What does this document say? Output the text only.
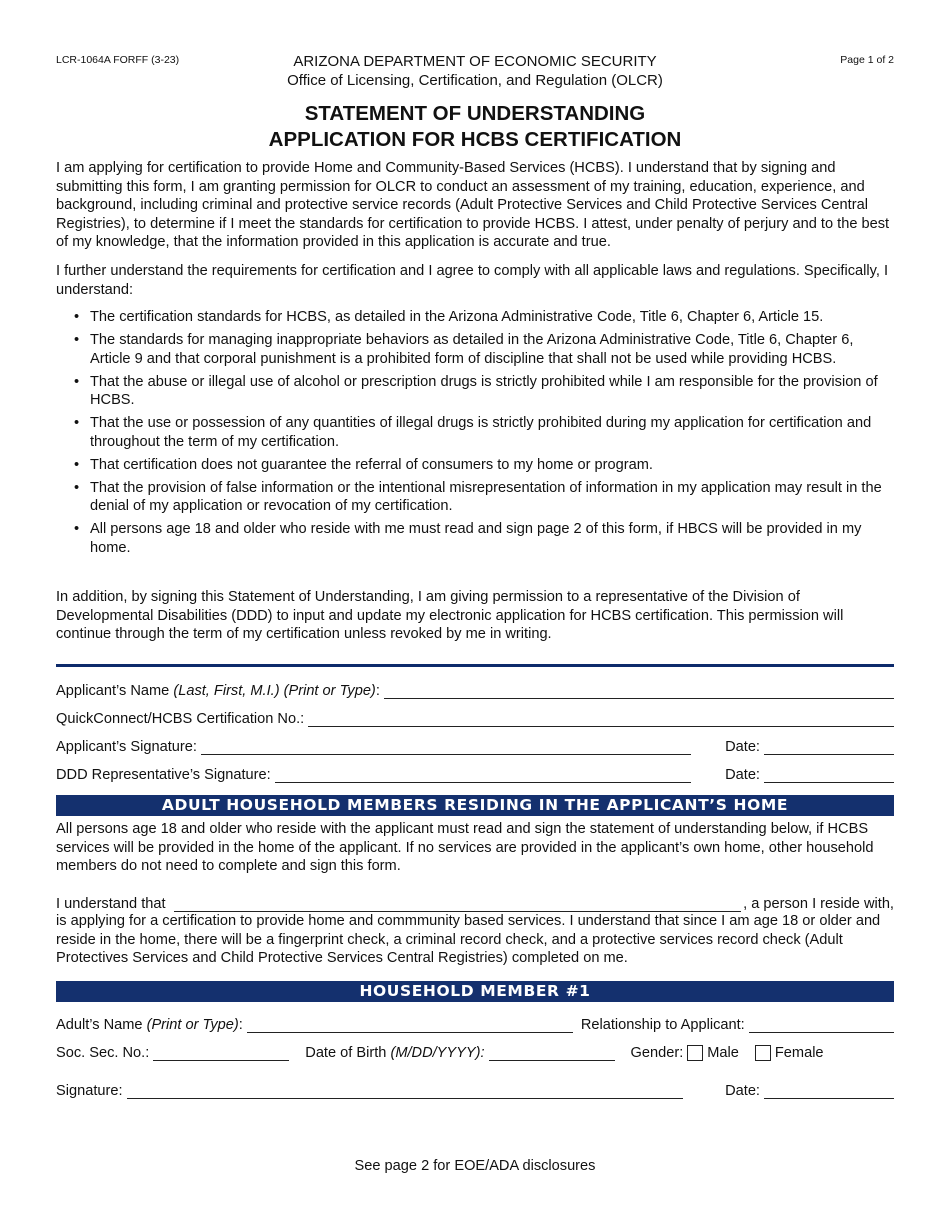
LCR-1064A FORFF (3-23)	ARIZONA DEPARTMENT OF ECONOMIC SECURITY
Office of Licensing, Certification, and Regulation (OLCR)
Page 1 of 2
STATEMENT OF UNDERSTANDING
APPLICATION FOR HCBS CERTIFICATION

I am applying for certification to provide Home and Community-Based Services (HCBS). I understand that by signing and submitting this form, I am granting permission for OLCR to conduct an assessment of my training, education, experience, and background, including criminal and protective service records (Adult Protective Services and Child Protective Services Central Registries), to determine if I meet the standards for certification to provide HCBS. I attest, under penalty of perjury and to the best of my knowledge, that the information provided in this application is accurate and true.

I further understand the requirements for certification and I agree to comply with all applicable laws and regulations. Specifically, I understand:

• The certification standards for HCBS, as detailed in the Arizona Administrative Code, Title 6, Chapter 6, Article 15.
• The standards for managing inappropriate behaviors as detailed in the Arizona Administrative Code, Title 6, Chapter 6, Article 9 and that corporal punishment is a prohibited form of discipline that shall not be used while providing HCBS.
• That the abuse or illegal use of alcohol or prescription drugs is strictly prohibited while I am responsible for the provision of HCBS.
• That the use or possession of any quantities of illegal drugs is strictly prohibited during my application for certification and throughout the term of my certification.
• That certification does not guarantee the referral of consumers to my home or program.
• That the provision of false information or the intentional misrepresentation of information in my application may result in the denial of my application or revocation of my certification.
• All persons age 18 and older who reside with me must read and sign page 2 of this form, if HBCS will be provided in my home.

In addition, by signing this Statement of Understanding, I am giving permission to a representative of the Division of Developmental Disabilities (DDD) to input and update my electronic application for HCBS certification. This permission will continue through the term of my certification unless revoked by me in writing.

Applicant’s Name (Last, First, M.I.) (Print or Type):
QuickConnect/HCBS Certification No.:
Applicant’s Signature:	Date:
DDD Representative’s Signature:	Date:
ADULT HOUSEHOLD MEMBERS RESIDING IN THE APPLICANT’S HOME

All persons age 18 and older who reside with the applicant must read and sign the statement of understanding below, if HCBS services will be provided in the home of the applicant. If no services are provided in the applicant’s own home, other household members do not need to complete and sign this form.

I understand that	, a person I reside with,

is applying for a certification to provide home and commmunity based services. I understand that since I am age 18 or older and reside in the home, there will be a fingerprint check, a criminal record check, and a protective services record check (Adult Protectives Services and Child Protective Services Central Registries) completed on me.

HOUSEHOLD MEMBER #1
Adult’s Name (Print or Type):	Relationship to Applicant:
Soc. Sec. No.:	Date of Birth (M/DD/YYYY):	Gender: Male Female
Signature:	Date:
See page 2 for EOE/ADA disclosures
